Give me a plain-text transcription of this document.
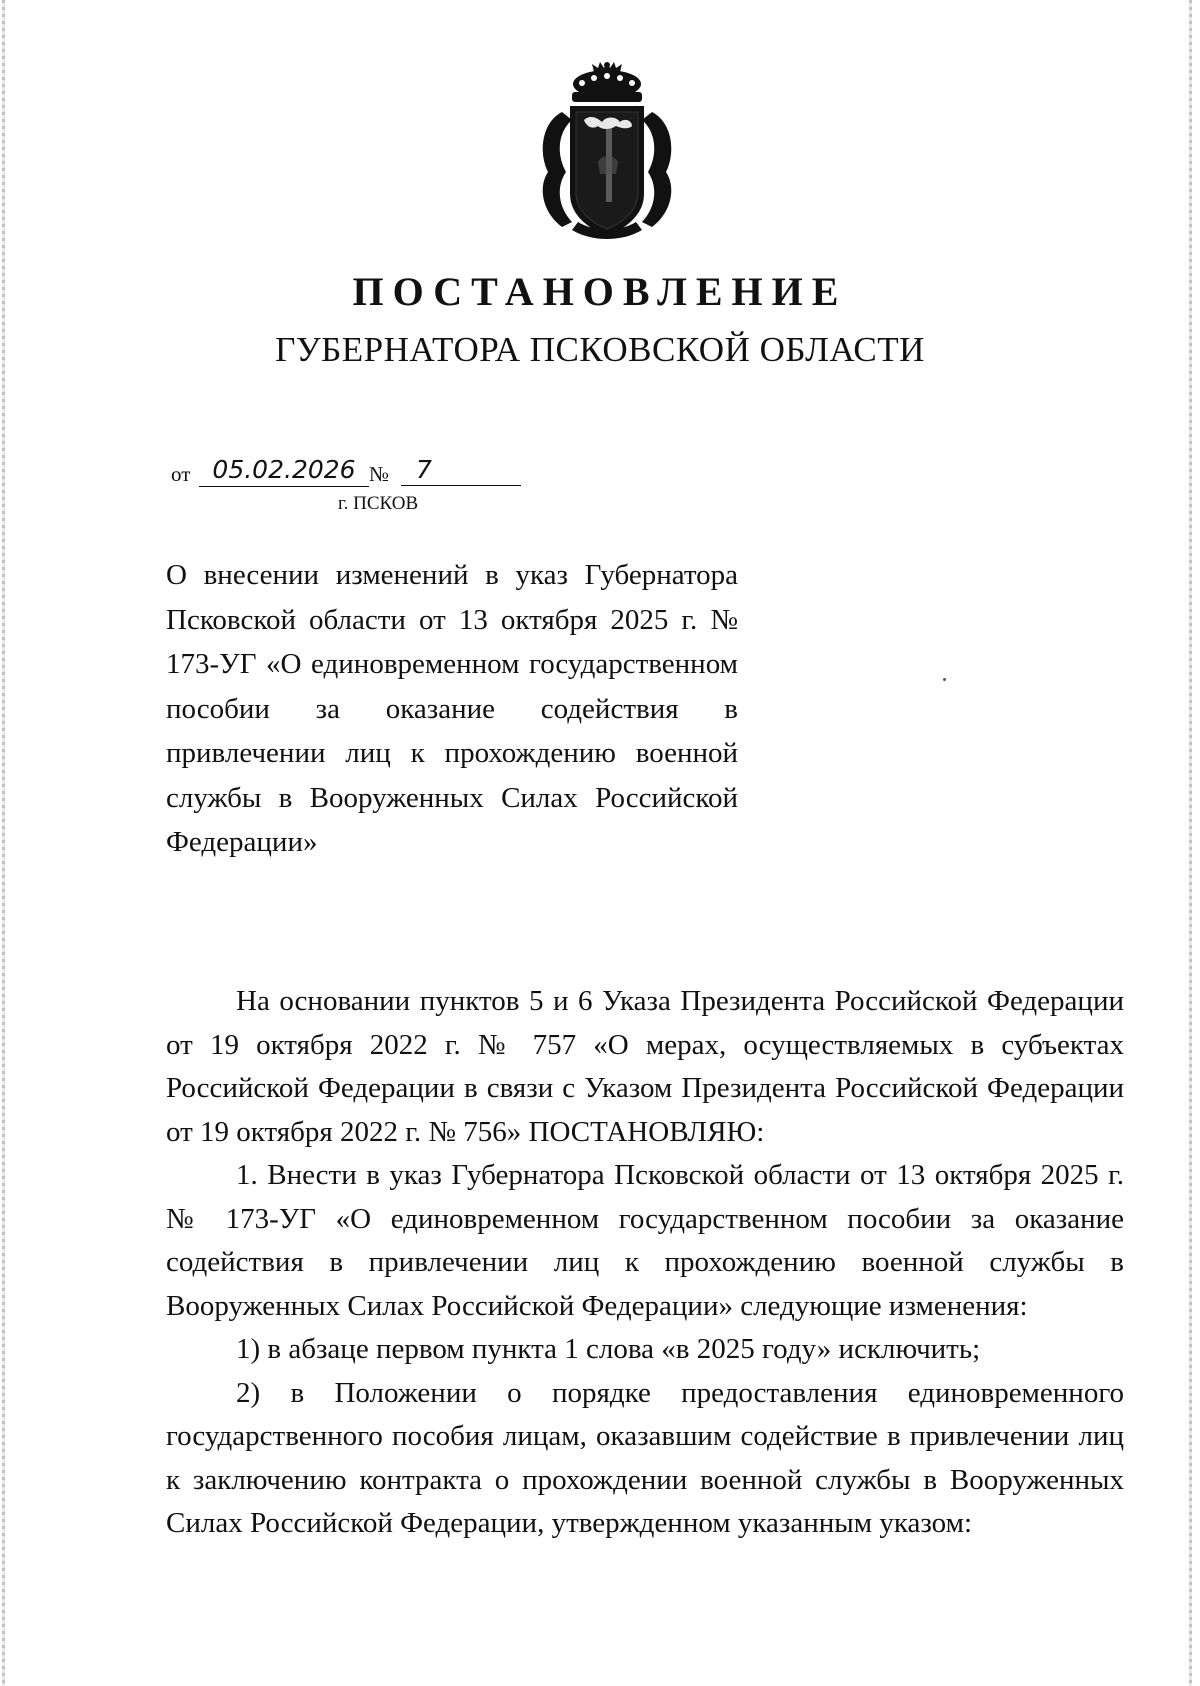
ПОСТАНОВЛЕНИЕ
ГУБЕРНАТОРА ПСКОВСКОЙ ОБЛАСТИ
от 05.02.2026 №	7
г. ПСКОВ
О внесении изменений в указ Губернатора Псковской области от 13 октября 2025 г. № 173-УГ «О единовременном государственном пособии за оказание содействия в привлечении лиц к прохождению военной службы в Вооруженных Силах Российской Федерации»

На основании пунктов 5 и 6 Указа Президента Российской Федерации от 19 октября 2022 г. № 757 «О мерах, осуществляемых в субъектах Российской Федерации в связи с Указом Президента Российской Федерации от 19 октября 2022 г. № 756» ПОСТАНОВЛЯЮ:

1. Внести в указ Губернатора Псковской области от 13 октября 2025 г. № 173-УГ «О единовременном государственном пособии за оказание содействия в привлечении лиц к прохождению военной службы в Вооруженных Силах Российской Федерации» следующие изменения:

1) в абзаце первом пункта 1 слова «в 2025 году» исключить;

2) в Положении о порядке предоставления единовременного государственного пособия лицам, оказавшим содействие в привлечении лиц к заключению контракта о прохождении военной службы в Вооруженных Силах Российской Федерации, утвержденном указанным указом:
